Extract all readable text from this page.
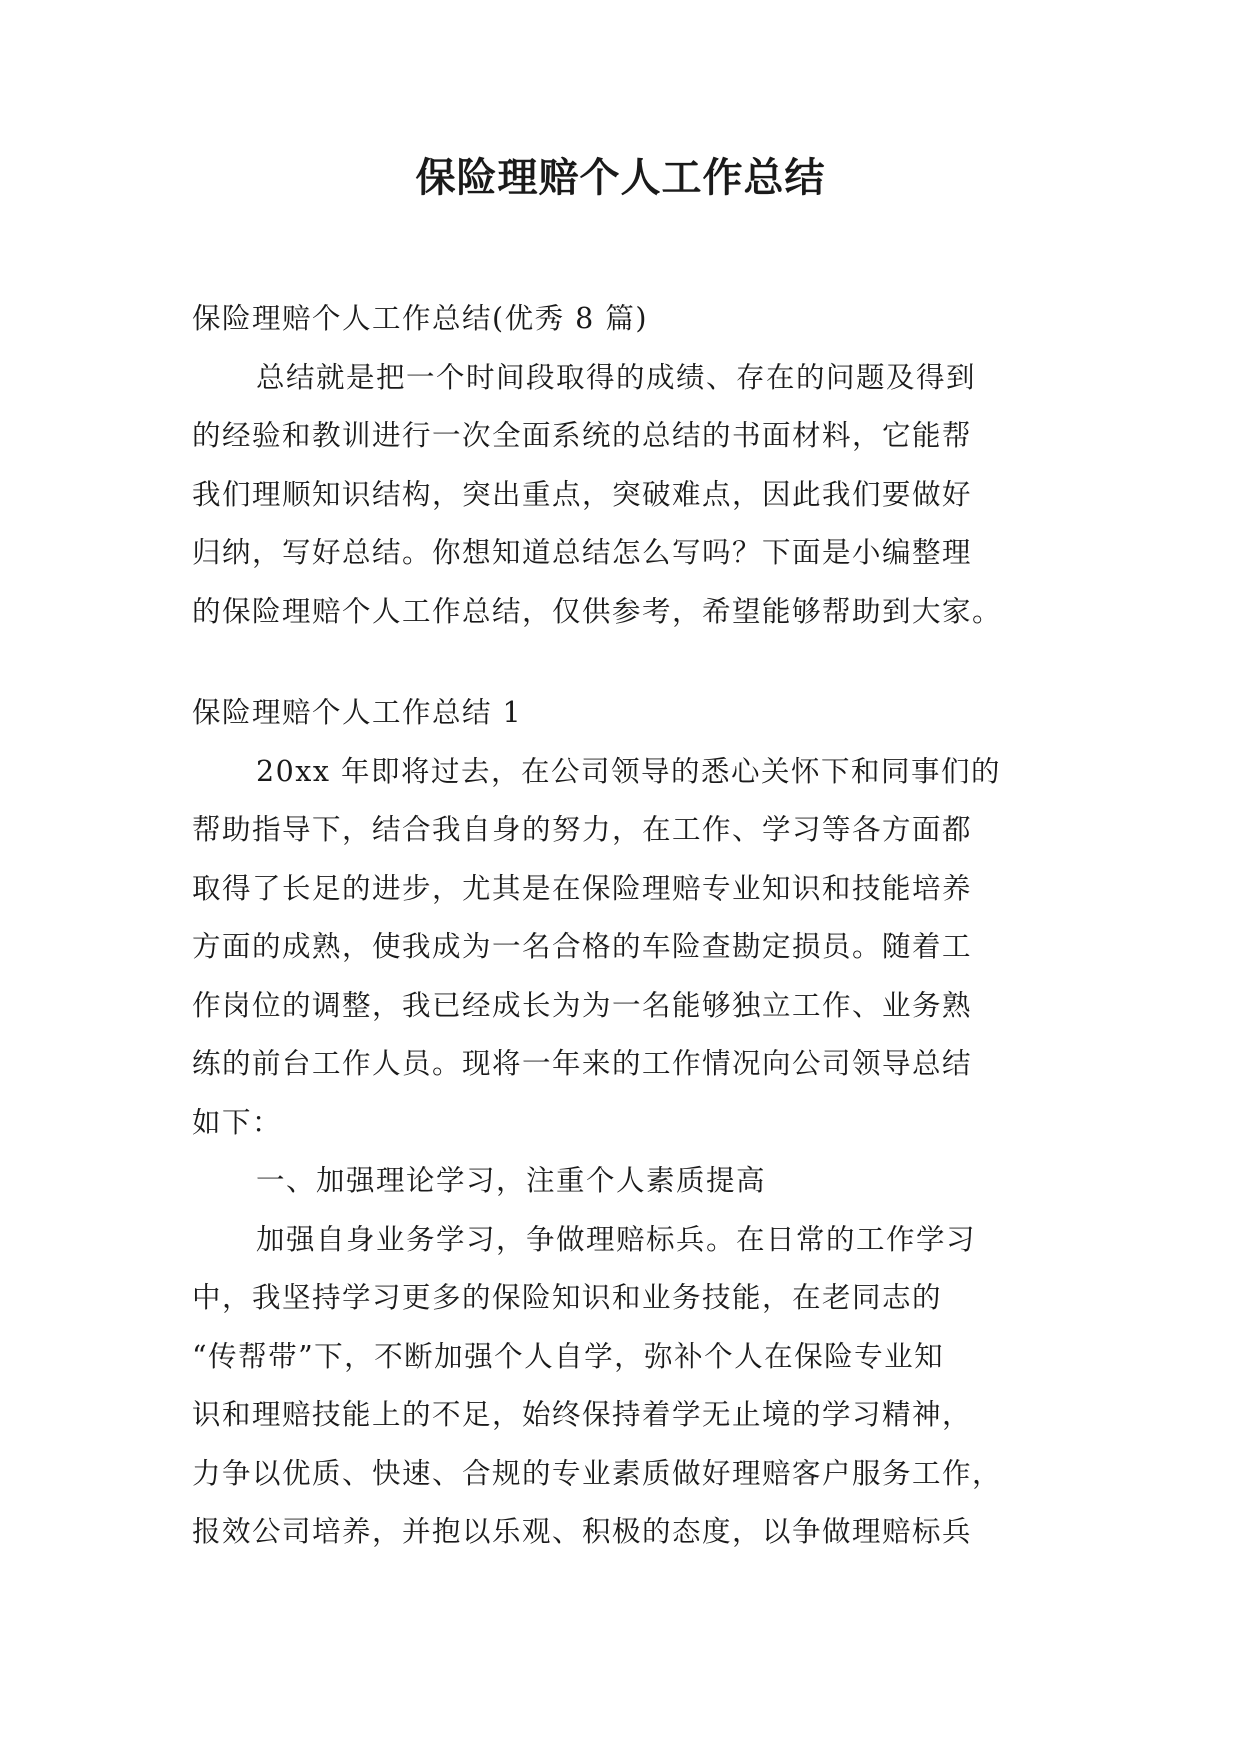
保险理赔个人工作总结
保险理赔个人工作总结(优秀 8 篇)
总结就是把一个时间段取得的成绩、存在的问题及得到
的经验和教训进行一次全面系统的总结的书面材料，它能帮
我们理顺知识结构，突出重点，突破难点，因此我们要做好
归纳，写好总结。你想知道总结怎么写吗？下面是小编整理
的保险理赔个人工作总结，仅供参考，希望能够帮助到大家。
保险理赔个人工作总结 1
20xx 年即将过去，在公司领导的悉心关怀下和同事们的
帮助指导下，结合我自身的努力，在工作、学习等各方面都
取得了长足的进步，尤其是在保险理赔专业知识和技能培养
方面的成熟，使我成为一名合格的车险查勘定损员。随着工
作岗位的调整，我已经成长为为一名能够独立工作、业务熟
练的前台工作人员。现将一年来的工作情况向公司领导总结
如下：
一、加强理论学习，注重个人素质提高
加强自身业务学习，争做理赔标兵。在日常的工作学习
中，我坚持学习更多的保险知识和业务技能，在老同志的
“传帮带”下，不断加强个人自学，弥补个人在保险专业知
识和理赔技能上的不足，始终保持着学无止境的学习精神，
力争以优质、快速、合规的专业素质做好理赔客户服务工作，
报效公司培养，并抱以乐观、积极的态度，以争做理赔标兵
